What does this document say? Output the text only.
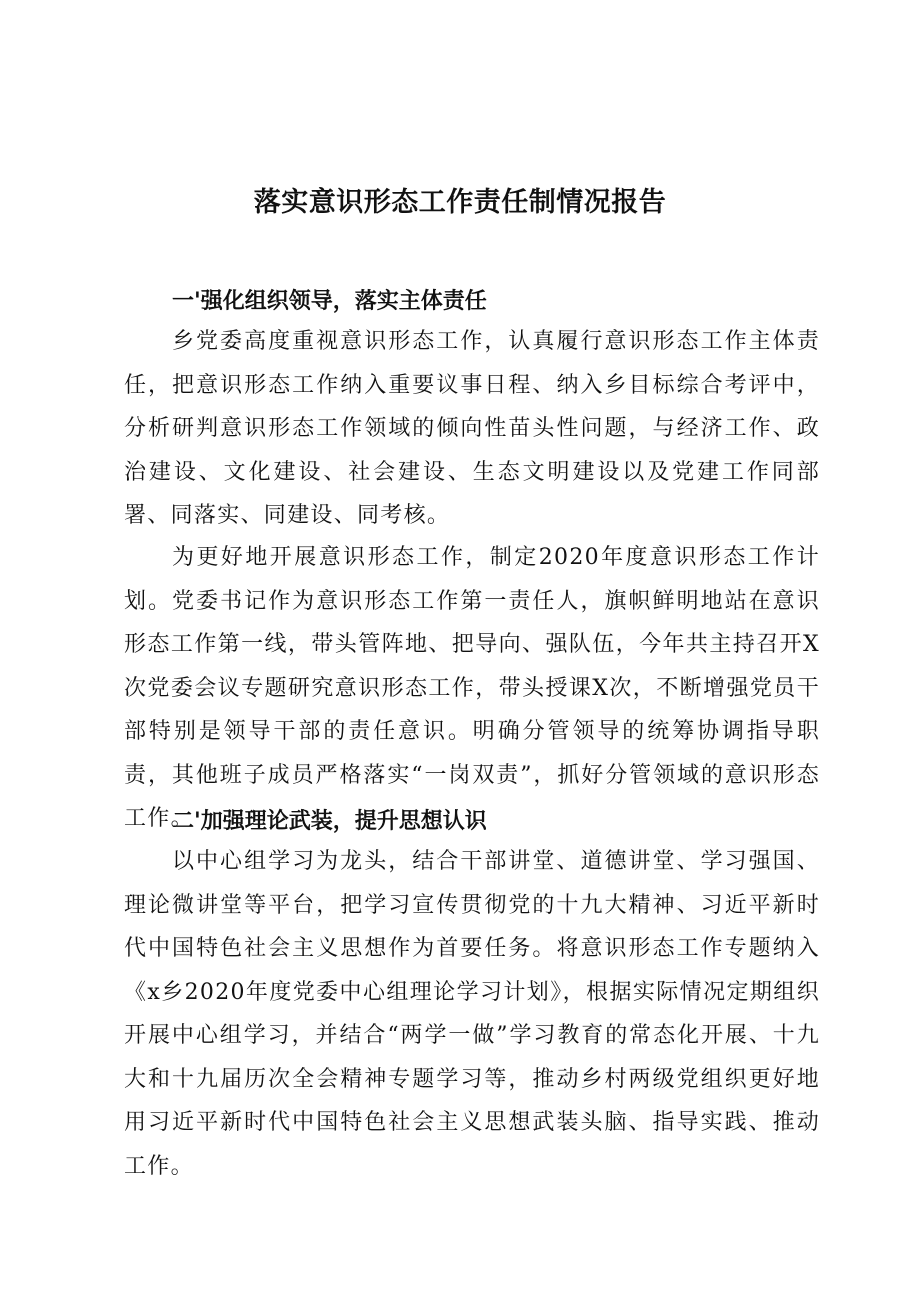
落实意识形态工作责任制情况报告
一'强化组织领导，落实主体责任

乡党委高度重视意识形态工作，认真履行意识形态工作主体责任，把意识形态工作纳入重要议事日程、纳入乡目标综合考评中，分析研判意识形态工作领域的倾向性苗头性问题，与经济工作、政治建设、文化建设、社会建设、生态文明建设以及党建工作同部署、同落实、同建设、同考核。

为更好地开展意识形态工作，制定2020年度意识形态工作计划。党委书记作为意识形态工作第一责任人，旗帜鲜明地站在意识形态工作第一线，带头管阵地、把导向、强队伍，今年共主持召开X次党委会议专题研究意识形态工作，带头授课X次，不断增强党员干部特别是领导干部的责任意识。明确分管领导的统筹协调指导职责，其他班子成员严格落实“一岗双责”，抓好分管领域的意识形态工作。

二'加强理论武装，提升思想认识

以中心组学习为龙头，结合干部讲堂、道德讲堂、学习强国、理论微讲堂等平台，把学习宣传贯彻党的十九大精神、习近平新时代中国特色社会主义思想作为首要任务。将意识形态工作专题纳入《x乡2020年度党委中心组理论学习计划》，根据实际情况定期组织开展中心组学习，并结合“两学一做”学习教育的常态化开展、十九大和十九届历次全会精神专题学习等，推动乡村两级党组织更好地用习近平新时代中国特色社会主义思想武装头脑、指导实践、推动工作。
